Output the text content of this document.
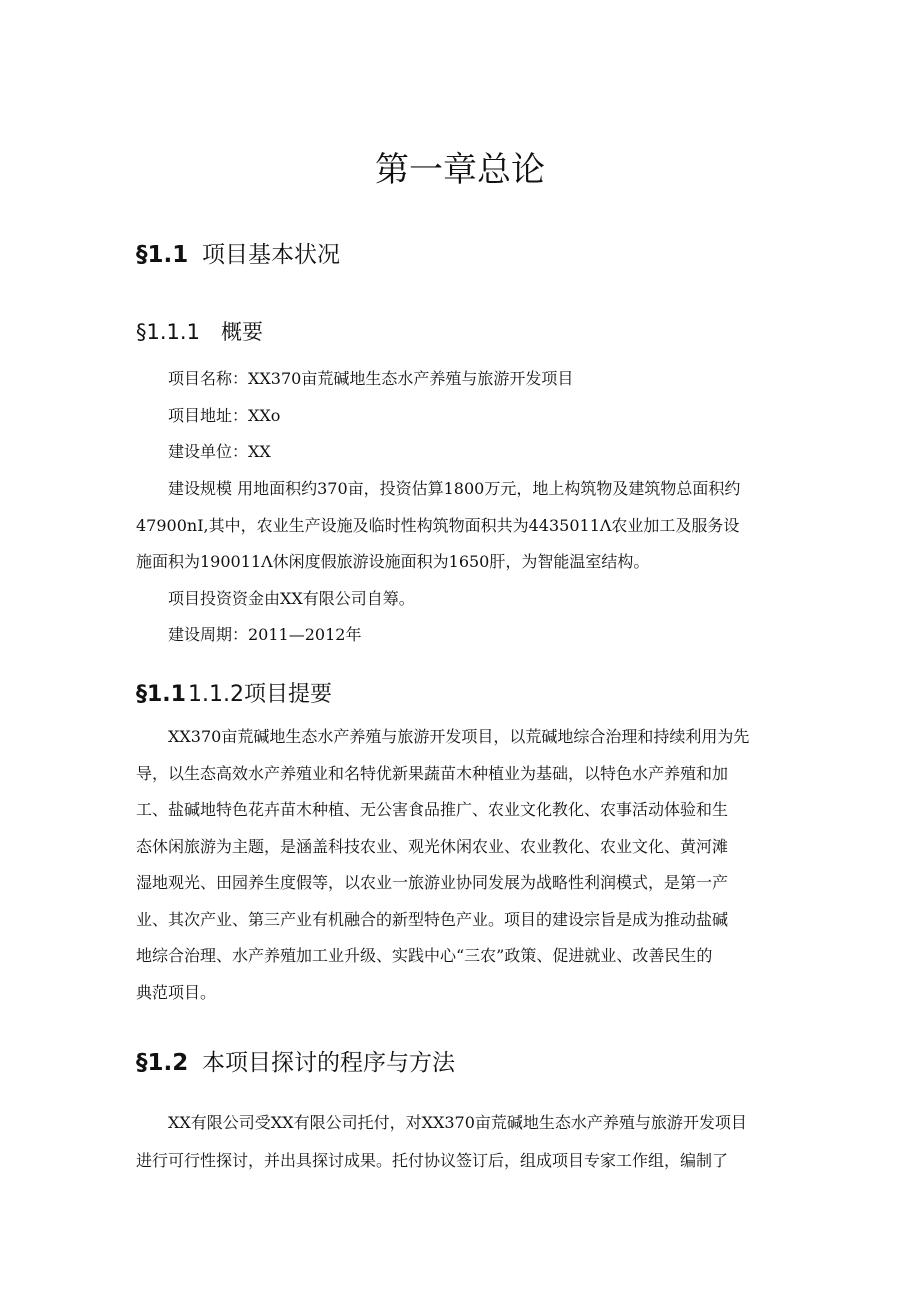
第一章总论
§1.1 项目基本状况
§1.1.1 概要

项目名称：XX370亩荒碱地生态水产养殖与旅游开发项目

项目地址：XXo

建设单位：XX

建设规模 用地面积约370亩，投资估算1800万元，地上构筑物及建筑物总面积约

47900nI,其中，农业生产设施及临时性构筑物面积共为4435011Λ农业加工及服务设

施面积为190011Λ休闲度假旅游设施面积为1650肝，为智能温室结构。

项目投资资金由XX有限公司自筹。

建设周期：2011—2012年

§1.11.1.2项目提要

XX370亩荒碱地生态水产养殖与旅游开发项目，以荒碱地综合治理和持续利用为先

导，以生态高效水产养殖业和名特优新果蔬苗木种植业为基础，以特色水产养殖和加

工、盐碱地特色花卉苗木种植、无公害食品推广、农业文化教化、农事活动体验和生

态休闲旅游为主题，是涵盖科技农业、观光休闲农业、农业教化、农业文化、黄河滩

湿地观光、田园养生度假等，以农业一旅游业协同发展为战略性利润模式，是第一产

业、其次产业、第三产业有机融合的新型特色产业。项目的建设宗旨是成为推动盐碱

地综合治理、水产养殖加工业升级、实践中心“三农”政策、促进就业、改善民生的

典范项目。

§1.2 本项目探讨的程序与方法

XX有限公司受XX有限公司托付，对XX370亩荒碱地生态水产养殖与旅游开发项目

进行可行性探讨，并出具探讨成果。托付协议签订后，组成项目专家工作组，编制了
